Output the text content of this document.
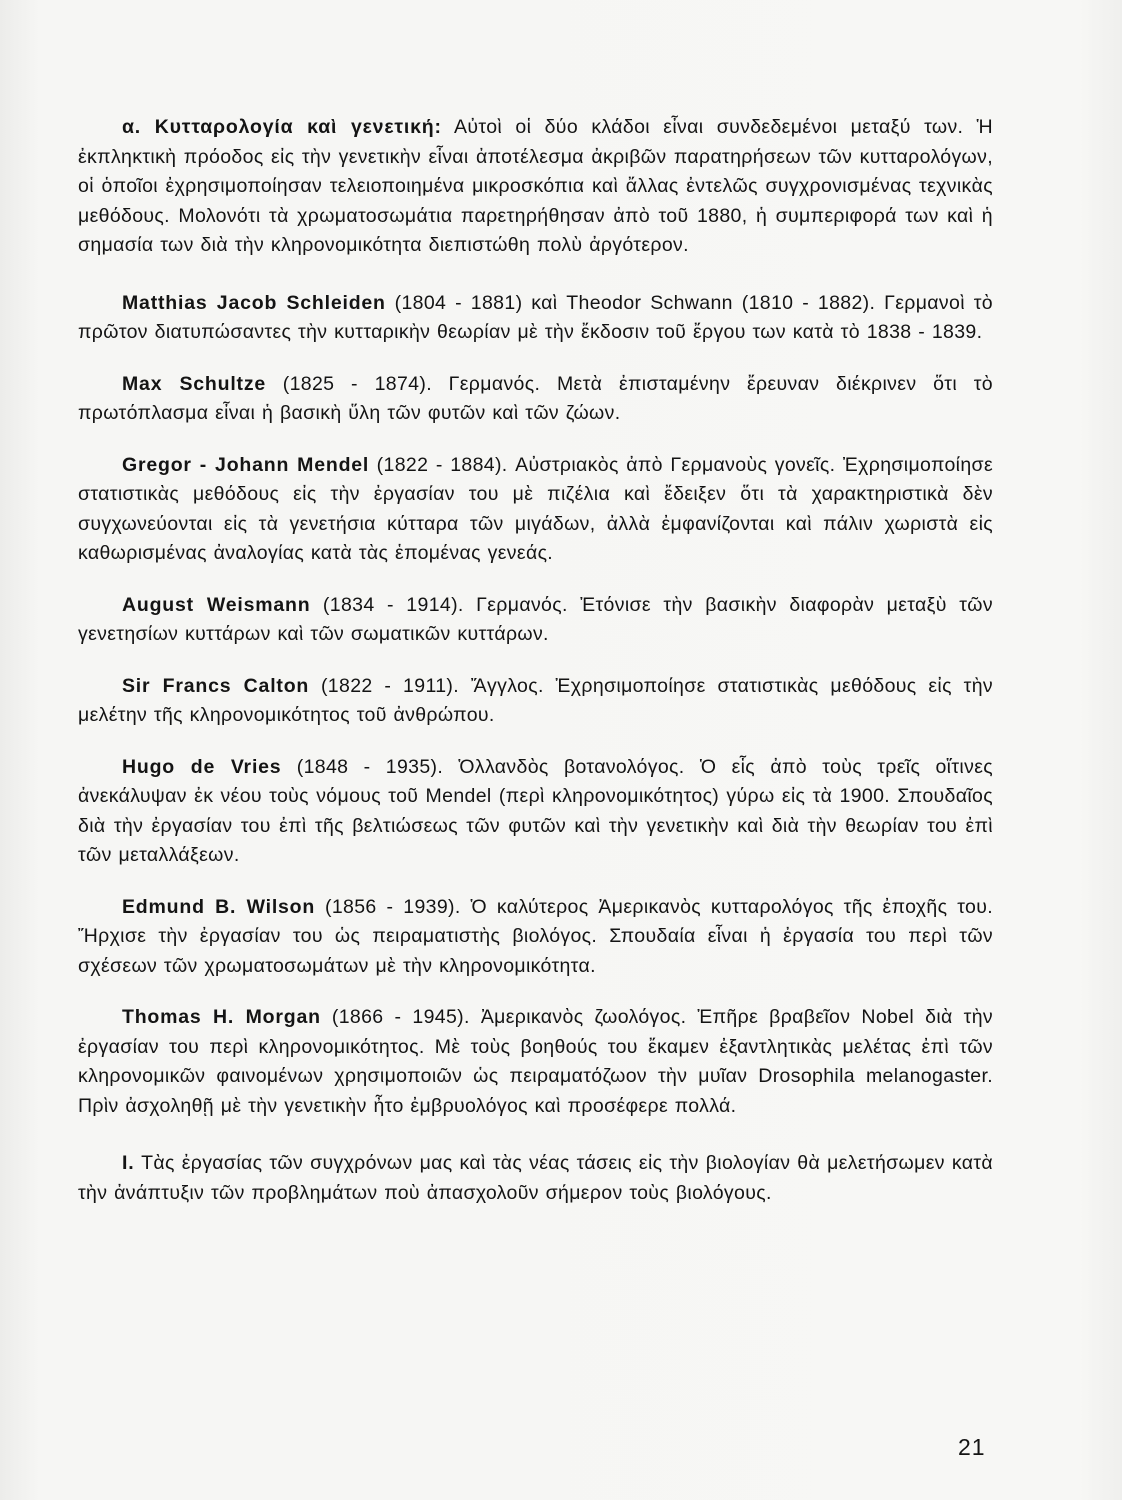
α. Κυτταρολογία καὶ γενετική: Αὐτοὶ οἱ δύο κλάδοι εἶναι συνδεδεμένοι μεταξύ των. Ἡ ἐκπληκτικὴ πρόοδος εἰς τὴν γενετικὴν εἶναι ἀποτέλεσμα ἀκριβῶν παρατηρήσεων τῶν κυτταρολόγων, οἱ ὁποῖοι ἐχρησιμοποίησαν τελειοποιημένα μικροσκόπια καὶ ἄλλας ἐντελῶς συγχρονισμένας τεχνικὰς μεθόδους. Μολονότι τὰ χρωματοσωμάτια παρετηρήθησαν ἀπὸ τοῦ 1880, ἡ συμπεριφορά των καὶ ἡ σημασία των διὰ τὴν κληρονομικότητα διεπιστώθη πολὺ ἀργότερον.

Matthias Jacob Schleiden (1804 - 1881) καὶ Theodor Schwann (1810 - 1882). Γερμανοὶ τὸ πρῶτον διατυπώσαντες τὴν κυτταρικὴν θεωρίαν μὲ τὴν ἔκδοσιν τοῦ ἔργου των κατὰ τὸ 1838 - 1839.

Max Schultze (1825 - 1874). Γερμανός. Μετὰ ἐπισταμένην ἔρευναν διέκρινεν ὅτι τὸ πρωτόπλασμα εἶναι ἡ βασικὴ ὕλη τῶν φυτῶν καὶ τῶν ζώων.

Gregor - Johann Mendel (1822 - 1884). Αὐστριακὸς ἀπὸ Γερμανοὺς γονεῖς. Ἐχρησιμοποίησε στατιστικὰς μεθόδους εἰς τὴν ἐργασίαν του μὲ πιζέλια καὶ ἔδειξεν ὅτι τὰ χαρακτηριστικὰ δὲν συγχωνεύονται εἰς τὰ γενετήσια κύτταρα τῶν μιγάδων, ἀλλὰ ἐμφανίζονται καὶ πάλιν χωριστὰ εἰς καθωρισμένας ἀναλογίας κατὰ τὰς ἑπομένας γενεάς.

August Weismann (1834 - 1914). Γερμανός. Ἐτόνισε τὴν βασικὴν διαφορὰν μεταξὺ τῶν γενετησίων κυττάρων καὶ τῶν σωματικῶν κυττάρων.

Sir Francs Calton (1822 - 1911). Ἄγγλος. Ἐχρησιμοποίησε στατιστικὰς μεθόδους εἰς τὴν μελέτην τῆς κληρονομικότητος τοῦ ἀνθρώπου.

Hugo de Vries (1848 - 1935). Ὁλλανδὸς βοτανολόγος. Ὁ εἷς ἀπὸ τοὺς τρεῖς οἵτινες ἀνεκάλυψαν ἐκ νέου τοὺς νόμους τοῦ Mendel (περὶ κληρονομικότητος) γύρω εἰς τὰ 1900. Σπουδαῖος διὰ τὴν ἐργασίαν του ἐπὶ τῆς βελτιώσεως τῶν φυτῶν καὶ τὴν γενετικὴν καὶ διὰ τὴν θεωρίαν του ἐπὶ τῶν μεταλλάξεων.

Edmund B. Wilson (1856 - 1939). Ὁ καλύτερος Ἀμερικανὸς κυτταρολόγος τῆς ἐποχῆς του. Ἤρχισε τὴν ἐργασίαν του ὡς πειραματιστὴς βιολόγος. Σπουδαία εἶναι ἡ ἐργασία του περὶ τῶν σχέσεων τῶν χρωματοσωμάτων μὲ τὴν κληρονομικότητα.

Thomas H. Morgan (1866 - 1945). Ἀμερικανὸς ζωολόγος. Ἐπῆρε βραβεῖον Nobel διὰ τὴν ἐργασίαν του περὶ κληρονομικότητος. Μὲ τοὺς βοηθούς του ἔκαμεν ἐξαντλητικὰς μελέτας ἐπὶ τῶν κληρονομικῶν φαινομένων χρησιμοποιῶν ὡς πειραματόζωον τὴν μυῖαν Drosophila melanogaster. Πρὶν ἀσχοληθῇ μὲ τὴν γενετικὴν ἦτο ἐμβρυολόγος καὶ προσέφερε πολλά.

Ι. Τὰς ἐργασίας τῶν συγχρόνων μας καὶ τὰς νέας τάσεις εἰς τὴν βιολογίαν θὰ μελετήσωμεν κατὰ τὴν ἀνάπτυξιν τῶν προβλημάτων ποὺ ἀπασχολοῦν σήμερον τοὺς βιολόγους.

21
